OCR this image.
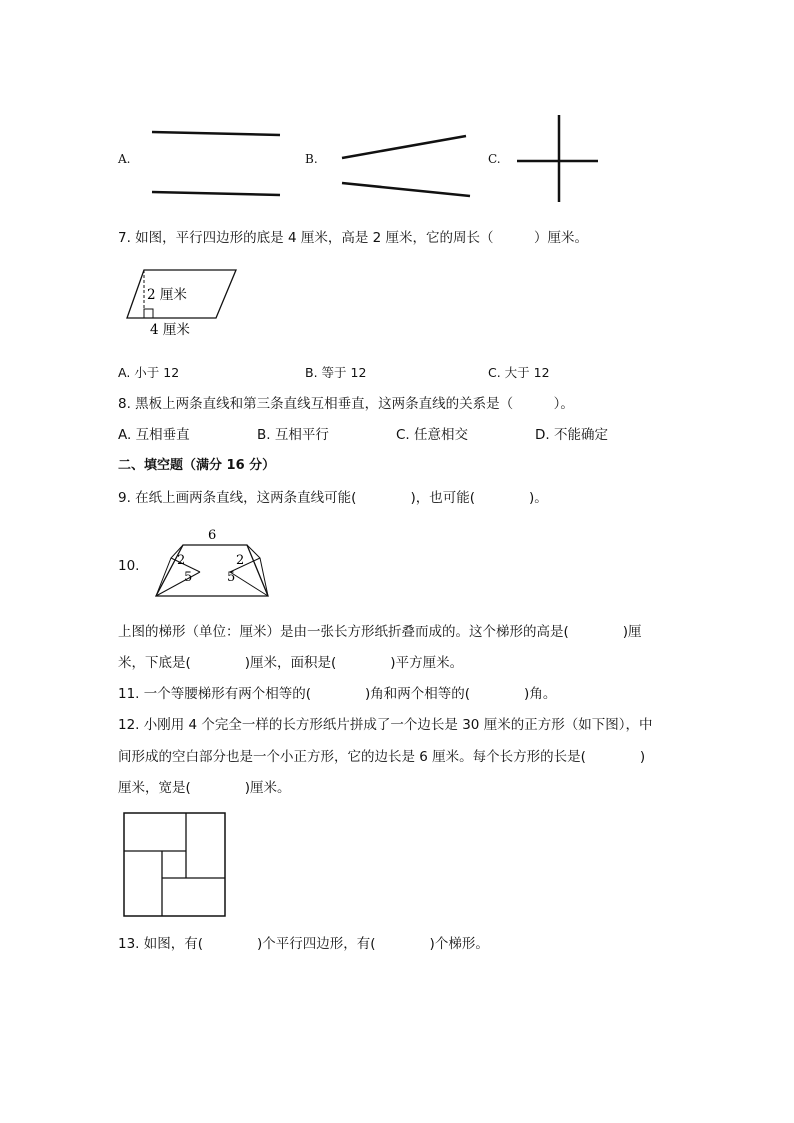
A.	B.	C.
7. 如图，平行四边形的底是 4 厘米，高是 2 厘米，它的周长（　　　）厘米。
2 厘米
4 厘米
A. 小于 12	B. 等于 12	C. 大于 12
8. 黑板上两条直线和第三条直线互相垂直，这两条直线的关系是（　　　）。
A. 互相垂直	B. 互相平行	C. 任意相交	D. 不能确定
二、填空题（满分 16 分）
9. 在纸上画两条直线，这两条直线可能(　　　　)，也可能(　　　　)。
10.
6
2
5
2
5
上图的梯形（单位：厘米）是由一张长方形纸折叠而成的。这个梯形的高是(　　　　)厘
米，下底是(　　　　)厘米，面积是(　　　　)平方厘米。
11. 一个等腰梯形有两个相等的(　　　　)角和两个相等的(　　　　)角。
12. 小刚用 4 个完全一样的长方形纸片拼成了一个边长是 30 厘米的正方形（如下图），中
间形成的空白部分也是一个小正方形，它的边长是 6 厘米。每个长方形的长是(　　　　)
厘米，宽是(　　　　)厘米。
13. 如图，有(　　　　)个平行四边形，有(　　　　)个梯形。
